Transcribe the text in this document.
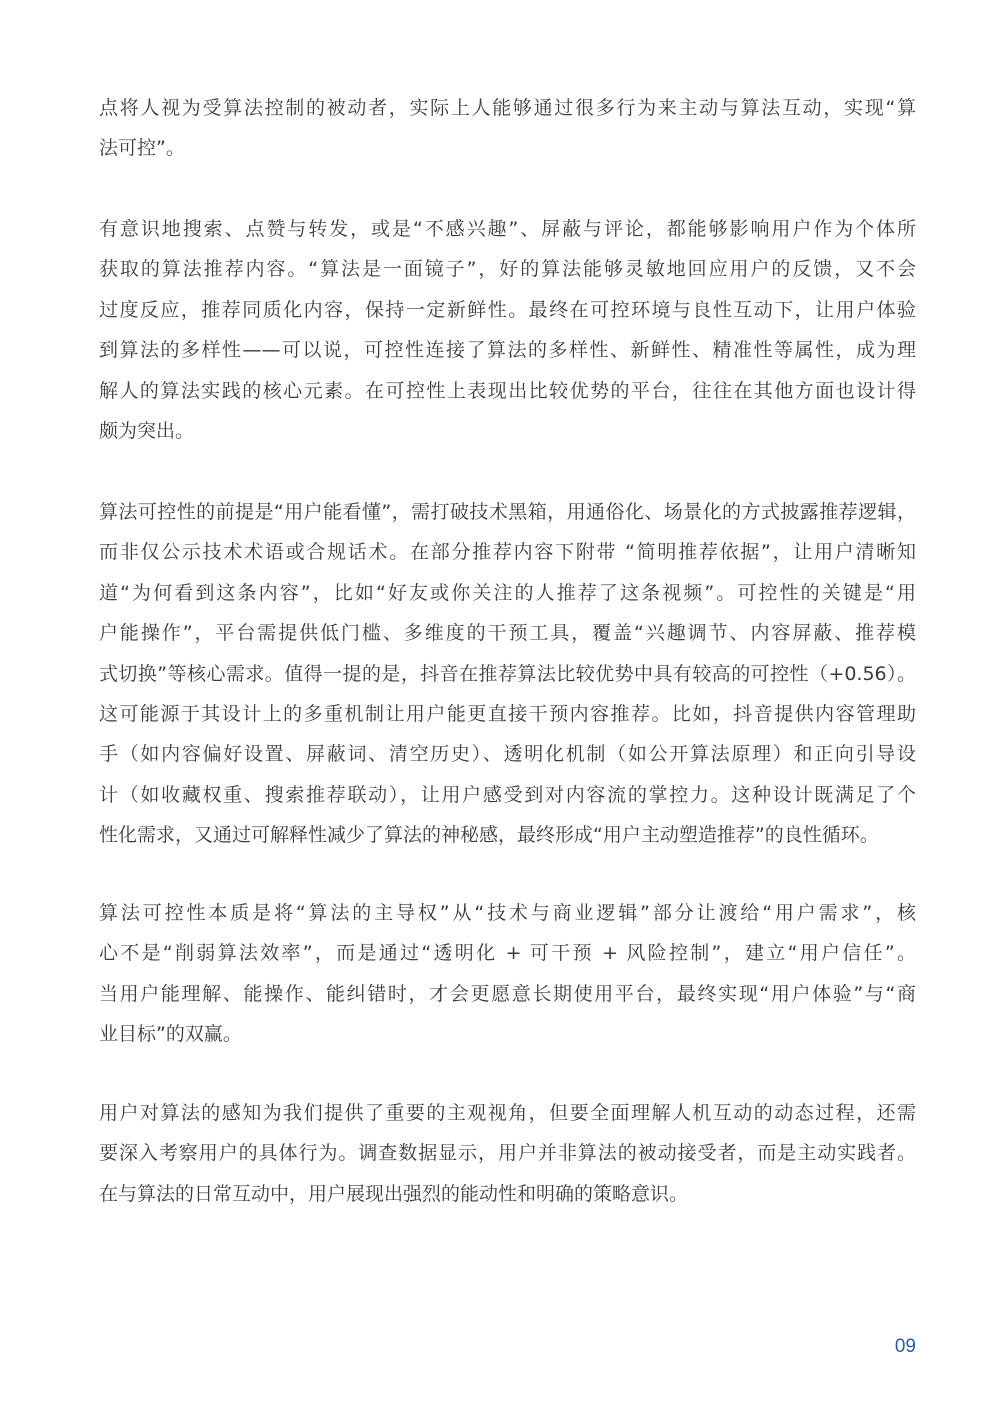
点将人视为受算法控制的被动者，实际上人能够通过很多行为来主动与算法互动，实现“算
法可控”。
有意识地搜索、点赞与转发，或是“不感兴趣”、屏蔽与评论，都能够影响用户作为个体所
获取的算法推荐内容。“算法是一面镜子”，好的算法能够灵敏地回应用户的反馈，又不会
过度反应，推荐同质化内容，保持一定新鲜性。最终在可控环境与良性互动下，让用户体验
到算法的多样性——可以说，可控性连接了算法的多样性、新鲜性、精准性等属性，成为理
解人的算法实践的核心元素。在可控性上表现出比较优势的平台，往往在其他方面也设计得
颇为突出。
算法可控性的前提是“用户能看懂”，需打破技术黑箱，用通俗化、场景化的方式披露推荐逻辑，
而非仅公示技术术语或合规话术。在部分推荐内容下附带 “简明推荐依据”，让用户清晰知
道“为何看到这条内容”，比如“好友或你关注的人推荐了这条视频”。可控性的关键是“用
户能操作”，平台需提供低门槛、多维度的干预工具，覆盖“兴趣调节、内容屏蔽、推荐模
式切换”等核心需求。值得一提的是，抖音在推荐算法比较优势中具有较高的可控性（+0.56）。
这可能源于其设计上的多重机制让用户能更直接干预内容推荐。比如，抖音提供内容管理助
手（如内容偏好设置、屏蔽词、清空历史）、透明化机制（如公开算法原理）和正向引导设
计（如收藏权重、搜索推荐联动），让用户感受到对内容流的掌控力。这种设计既满足了个
性化需求，又通过可解释性减少了算法的神秘感，最终形成“用户主动塑造推荐”的良性循环。
算法可控性本质是将“算法的主导权”从“技术与商业逻辑”部分让渡给“用户需求”，核
心不是“削弱算法效率”，而是通过“透明化 + 可干预 + 风险控制”，建立“用户信任”。
当用户能理解、能操作、能纠错时，才会更愿意长期使用平台，最终实现“用户体验”与“商
业目标”的双赢。
用户对算法的感知为我们提供了重要的主观视角，但要全面理解人机互动的动态过程，还需
要深入考察用户的具体行为。调查数据显示，用户并非算法的被动接受者，而是主动实践者。
在与算法的日常互动中，用户展现出强烈的能动性和明确的策略意识。
09
